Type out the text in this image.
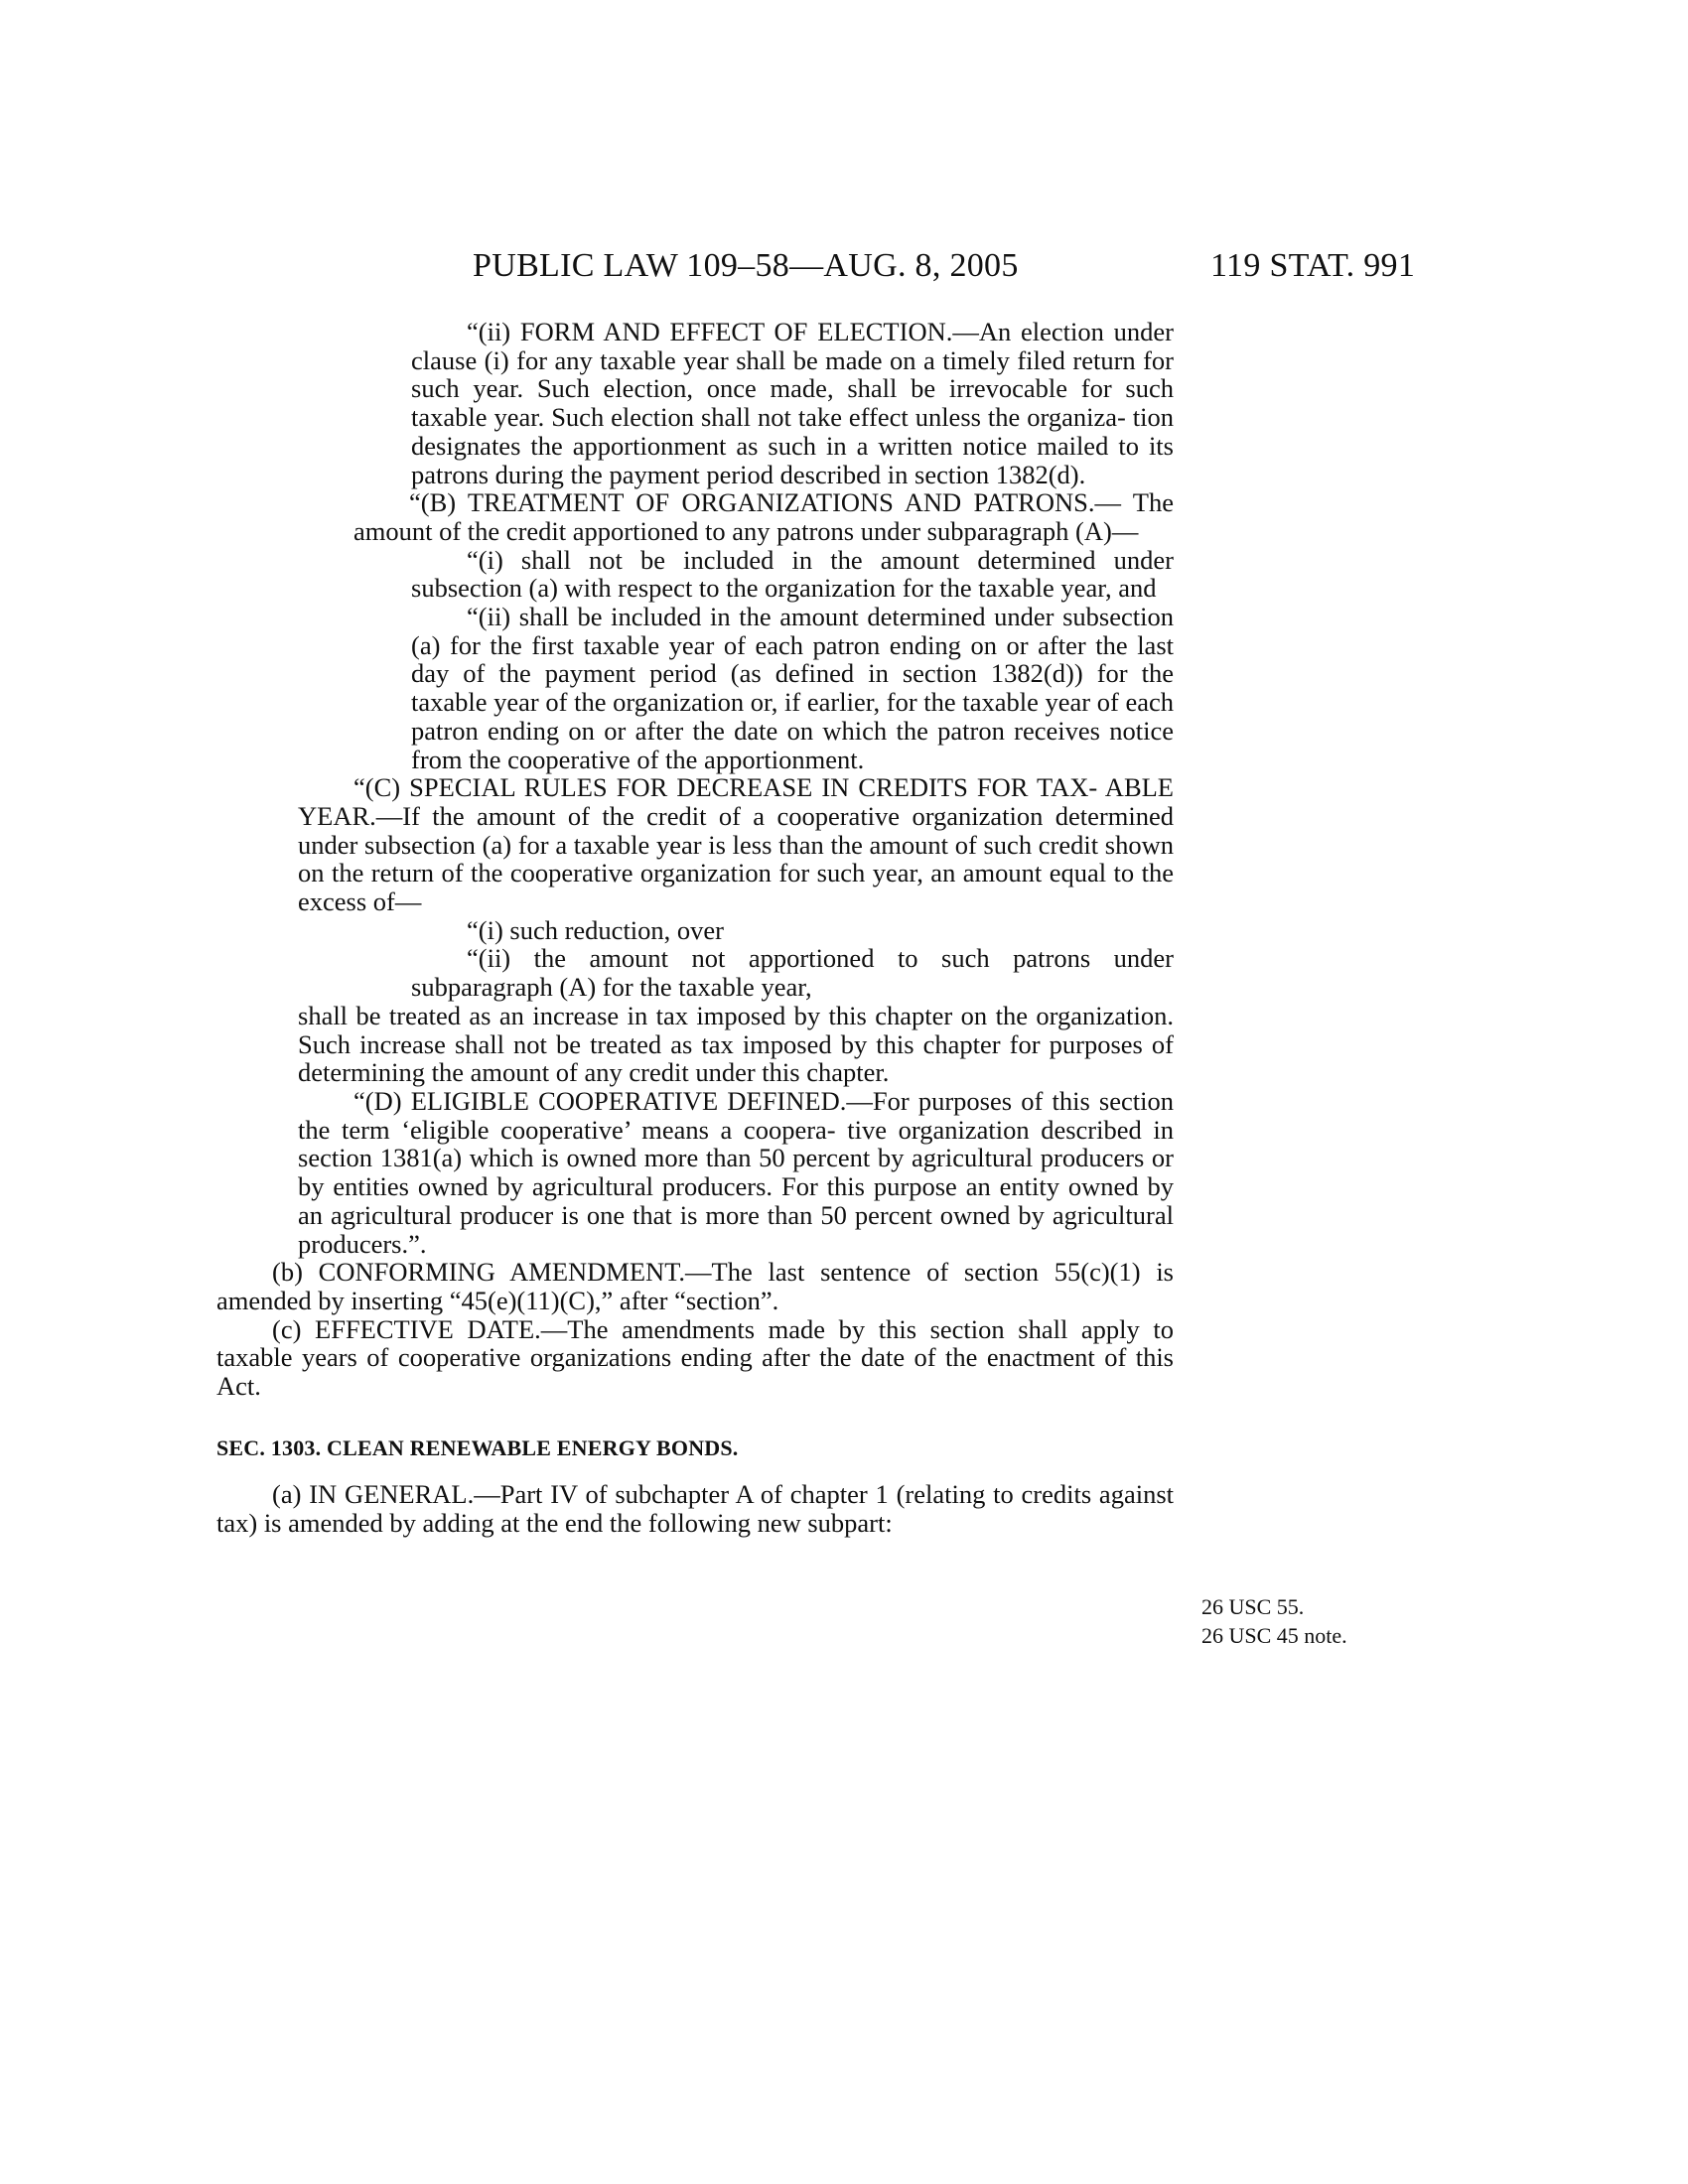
PUBLIC LAW 109–58—AUG. 8, 2005	119 STAT. 991

“(ii) FORM AND EFFECT OF ELECTION.—An election under clause (i) for any taxable year shall be made on a timely filed return for such year. Such election, once made, shall be irrevocable for such taxable year. Such election shall not take effect unless the organiza- tion designates the apportionment as such in a written notice mailed to its patrons during the payment period described in section 1382(d).

“(B) TREATMENT OF ORGANIZATIONS AND PATRONS.— The amount of the credit apportioned to any patrons under subparagraph (A)—

“(i) shall not be included in the amount determined under subsection (a) with respect to the organization for the taxable year, and

“(ii) shall be included in the amount determined under subsection (a) for the first taxable year of each patron ending on or after the last day of the payment period (as defined in section 1382(d)) for the taxable year of the organization or, if earlier, for the taxable year of each patron ending on or after the date on which the patron receives notice from the cooperative of the apportionment.

“(C) SPECIAL RULES FOR DECREASE IN CREDITS FOR TAX- ABLE YEAR.—If the amount of the credit of a cooperative organization determined under subsection (a) for a taxable year is less than the amount of such credit shown on the return of the cooperative organization for such year, an amount equal to the excess of—

“(i) such reduction, over

“(ii) the amount not apportioned to such patrons under subparagraph (A) for the taxable year,

shall be treated as an increase in tax imposed by this chapter on the organization. Such increase shall not be treated as tax imposed by this chapter for purposes of determining the amount of any credit under this chapter.

“(D) ELIGIBLE COOPERATIVE DEFINED.—For purposes of this section the term ‘eligible cooperative’ means a coopera- tive organization described in section 1381(a) which is owned more than 50 percent by agricultural producers or by entities owned by agricultural producers. For this purpose an entity owned by an agricultural producer is one that is more than 50 percent owned by agricultural producers.”.

(b) CONFORMING AMENDMENT.—The last sentence of section 55(c)(1) is amended by inserting “45(e)(11)(C),” after “section”.

(c) EFFECTIVE DATE.—The amendments made by this section shall apply to taxable years of cooperative organizations ending after the date of the enactment of this Act.

SEC. 1303. CLEAN RENEWABLE ENERGY BONDS.

(a) IN GENERAL.—Part IV of subchapter A of chapter 1 (relating to credits against tax) is amended by adding at the end the following new subpart:

26 USC 55.
26 USC 45 note.
